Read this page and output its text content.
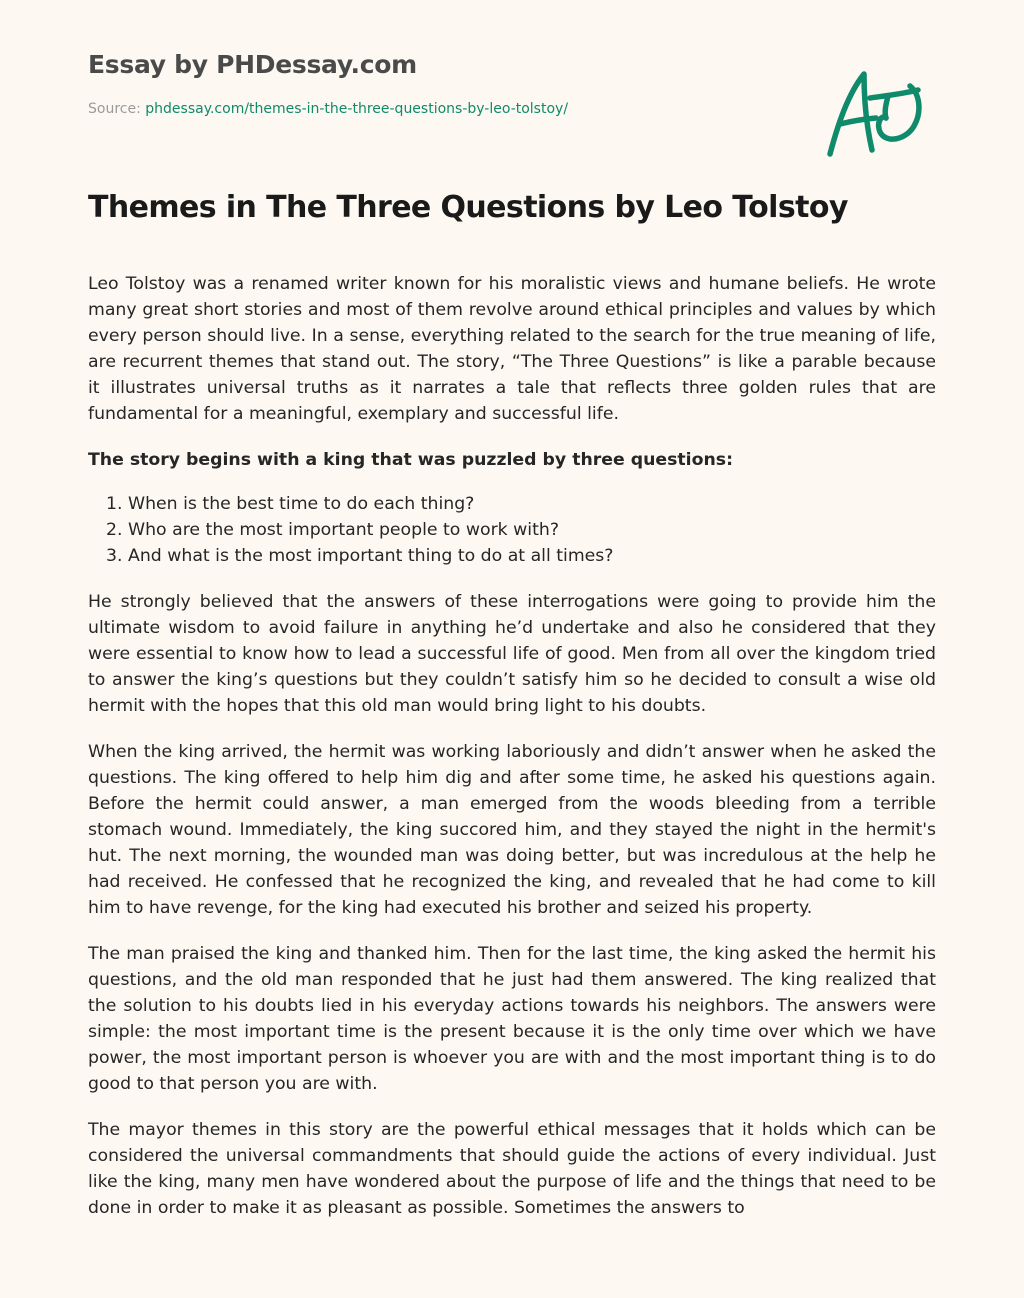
Essay by PHDessay.com
Source: phdessay.com/themes-in-the-three-questions-by-leo-tolstoy/
Themes in The Three Questions by Leo Tolstoy

Leo Tolstoy was a renamed writer known for his moralistic views and humane beliefs. He wrote many great short stories and most of them revolve around ethical principles and values by which every person should live. In a sense, everything related to the search for the true meaning of life, are recurrent themes that stand out. The story, “The Three Questions” is like a parable because it illustrates universal truths as it narrates a tale that reflects three golden rules that are fundamental for a meaningful, exemplary and successful life.

The story begins with a king that was puzzled by three questions:

1. When is the best time to do each thing?
2. Who are the most important people to work with?
3. And what is the most important thing to do at all times?

He strongly believed that the answers of these interrogations were going to provide him the ultimate wisdom to avoid failure in anything he’d undertake and also he considered that they were essential to know how to lead a successful life of good. Men from all over the kingdom tried to answer the king’s questions but they couldn’t satisfy him so he decided to consult a wise old hermit with the hopes that this old man would bring light to his doubts.

When the king arrived, the hermit was working laboriously and didn’t answer when he asked the questions. The king offered to help him dig and after some time, he asked his questions again. Before the hermit could answer, a man emerged from the woods bleeding from a terrible stomach wound. Immediately, the king succored him, and they stayed the night in the hermit's hut. The next morning, the wounded man was doing better, but was incredulous at the help he had received. He confessed that he recognized the king, and revealed that he had come to kill him to have revenge, for the king had executed his brother and seized his property.

The man praised the king and thanked him. Then for the last time, the king asked the hermit his questions, and the old man responded that he just had them answered. The king realized that the solution to his doubts lied in his everyday actions towards his neighbors. The answers were simple: the most important time is the present because it is the only time over which we have power, the most important person is whoever you are with and the most important thing is to do good to that person you are with.

The mayor themes in this story are the powerful ethical messages that it holds which can be considered the universal commandments that should guide the actions of every individual. Just like the king, many men have wondered about the purpose of life and the things that need to be done in order to make it as pleasant as possible. Sometimes the answers to
